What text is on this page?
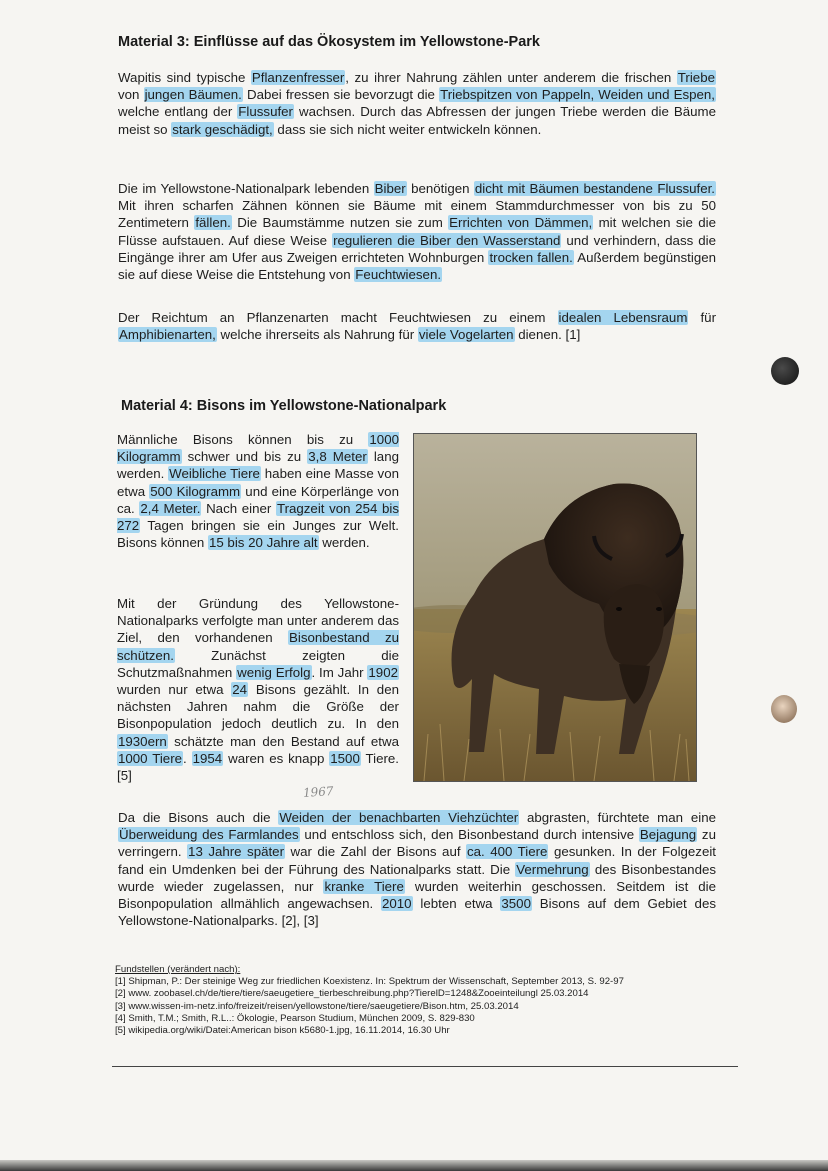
Material 3: Einflüsse auf das Ökosystem im Yellowstone-Park
Wapitis sind typische Pflanzenfresser, zu ihrer Nahrung zählen unter anderem die frischen Triebe von jungen Bäumen. Dabei fressen sie bevorzugt die Triebspitzen von Pappeln, Weiden und Espen, welche entlang der Flussufer wachsen. Durch das Abfressen der jungen Triebe werden die Bäume meist so stark geschädigt, dass sie sich nicht weiter entwickeln können.
Die im Yellowstone-Nationalpark lebenden Biber benötigen dicht mit Bäumen bestandene Flussufer. Mit ihren scharfen Zähnen können sie Bäume mit einem Stammdurchmesser von bis zu 50 Zentimetern fällen. Die Baumstämme nutzen sie zum Errichten von Dämmen, mit welchen sie die Flüsse aufstauen. Auf diese Weise regulieren die Biber den Wasserstand und verhindern, dass die Eingänge ihrer am Ufer aus Zweigen errichteten Wohnburgen trocken fallen. Außerdem begünstigen sie auf diese Weise die Entstehung von Feuchtwiesen.
Der Reichtum an Pflanzenarten macht Feuchtwiesen zu einem idealen Lebensraum für Amphibienarten, welche ihrerseits als Nahrung für viele Vogelarten dienen. [1]
Material 4: Bisons im Yellowstone-Nationalpark
Männliche Bisons können bis zu 1000 Kilogramm schwer und bis zu 3,8 Meter lang werden. Weibliche Tiere haben eine Masse von etwa 500 Kilogramm und eine Körperlänge von ca. 2,4 Meter. Nach einer Tragzeit von 254 bis 272 Tagen bringen sie ein Junges zur Welt. Bisons können 15 bis 20 Jahre alt werden.
Mit der Gründung des Yellowstone-Nationalparks verfolgte man unter anderem das Ziel, den vorhandenen Bisonbestand zu schützen. Zunächst zeigten die Schutzmaßnahmen wenig Erfolg. Im Jahr 1902 wurden nur etwa 24 Bisons gezählt. In den nächsten Jahren nahm die Größe der Bisonpopulation jedoch deutlich zu. In den 1930ern schätzte man den Bestand auf etwa 1000 Tiere. 1954 waren es knapp 1500 Tiere. [5]
1967
Da die Bisons auch die Weiden der benachbarten Viehzüchter abgrasten, fürchtete man eine Überweidung des Farmlandes und entschloss sich, den Bisonbestand durch intensive Bejagung zu verringern. 13 Jahre später war die Zahl der Bisons auf ca. 400 Tiere gesunken. In der Folgezeit fand ein Umdenken bei der Führung des Nationalparks statt. Die Vermehrung des Bisonbestandes wurde wieder zugelassen, nur kranke Tiere wurden weiterhin geschossen. Seitdem ist die Bisonpopulation allmählich angewachsen. 2010 lebten etwa 3500 Bisons auf dem Gebiet des Yellowstone-Nationalparks. [2], [3]
Fundstellen (verändert nach):
[1] Shipman, P.: Der steinige Weg zur friedlichen Koexistenz. In: Spektrum der Wissenschaft, September 2013, S. 92-97
[2] www. zoobasel.ch/de/tiere/tiere/saeugetiere_tierbeschreibung.php?TierelD=1248&Zooeinteilungl 25.03.2014
[3] www.wissen-im-netz.info/freizeit/reisen/yellowstone/tiere/saeugetiere/Bison.htm, 25.03.2014
[4] Smith, T.M.; Smith, R.L..: Ökologie, Pearson Studium, München 2009, S. 829-830
[5] wikipedia.org/wiki/Datei:American bison k5680-1.jpg, 16.11.2014, 16.30 Uhr
